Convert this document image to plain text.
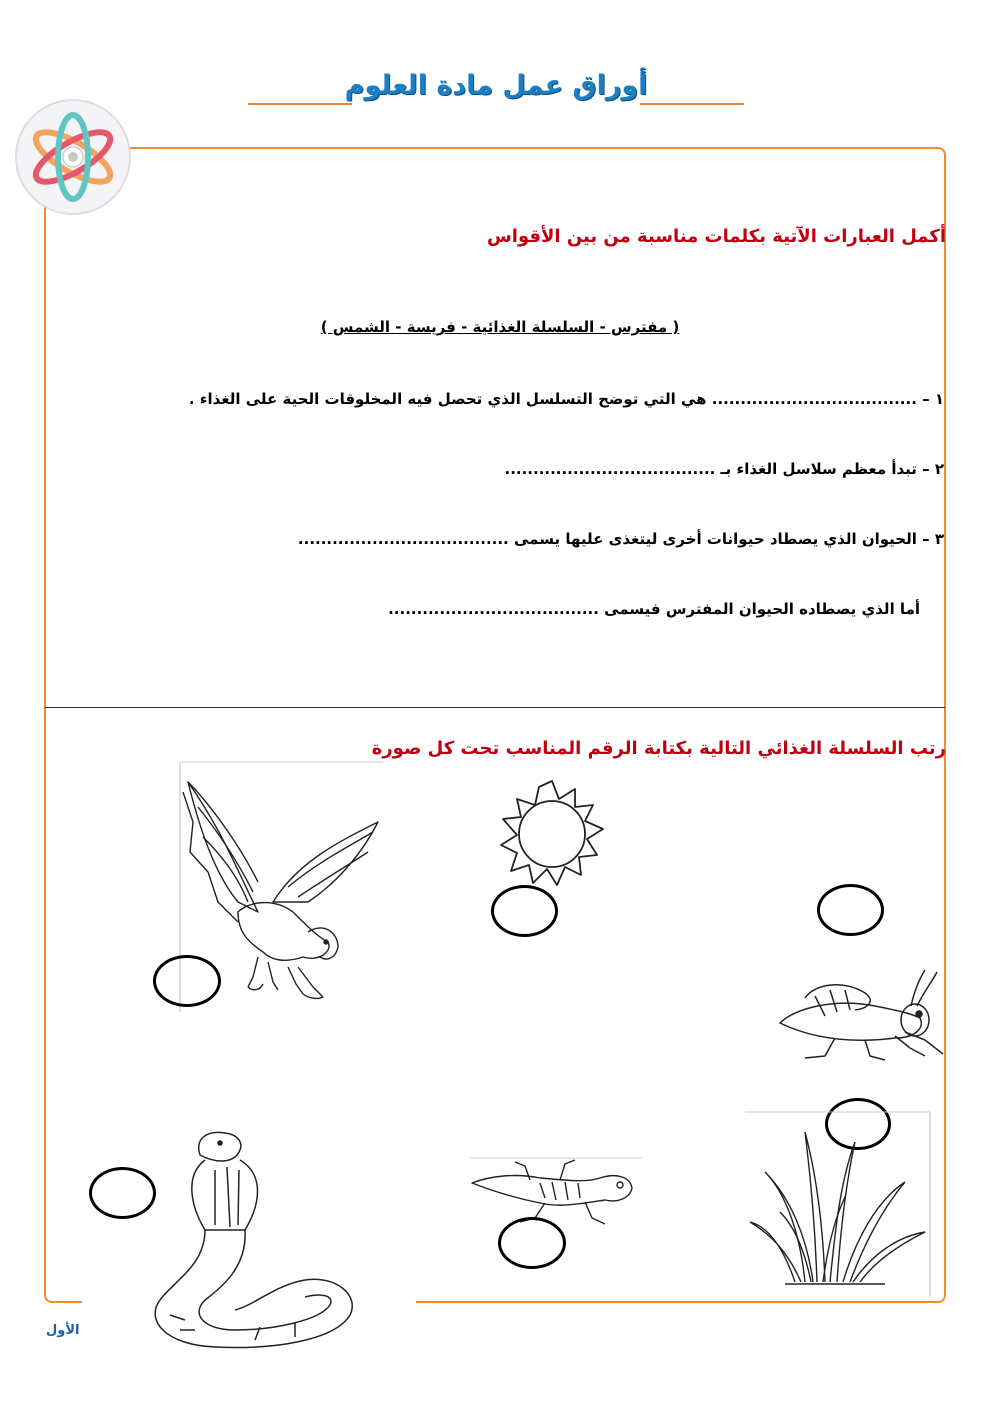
أوراق عمل مادة العلوم
أكمل العبارات الآتية بكلمات مناسبة من بين الأقواس
( مفترس - السلسلة الغذائية - فريسة - الشمس )
١ – .................................... هي التي توضح التسلسل الذي تحصل فيه المخلوقات الحية على الغذاء .
٢ – تبدأ معظم سلاسل الغذاء بـ .....................................
٣ – الحيوان الذي يصطاد حيوانات أخرى ليتغذى عليها يسمى .....................................
أما الذي يصطاده الحيوان المفترس فيسمى .....................................
رتب السلسلة الغذائي التالية بكتابة الرقم المناسب تحت كل صورة
الأول
